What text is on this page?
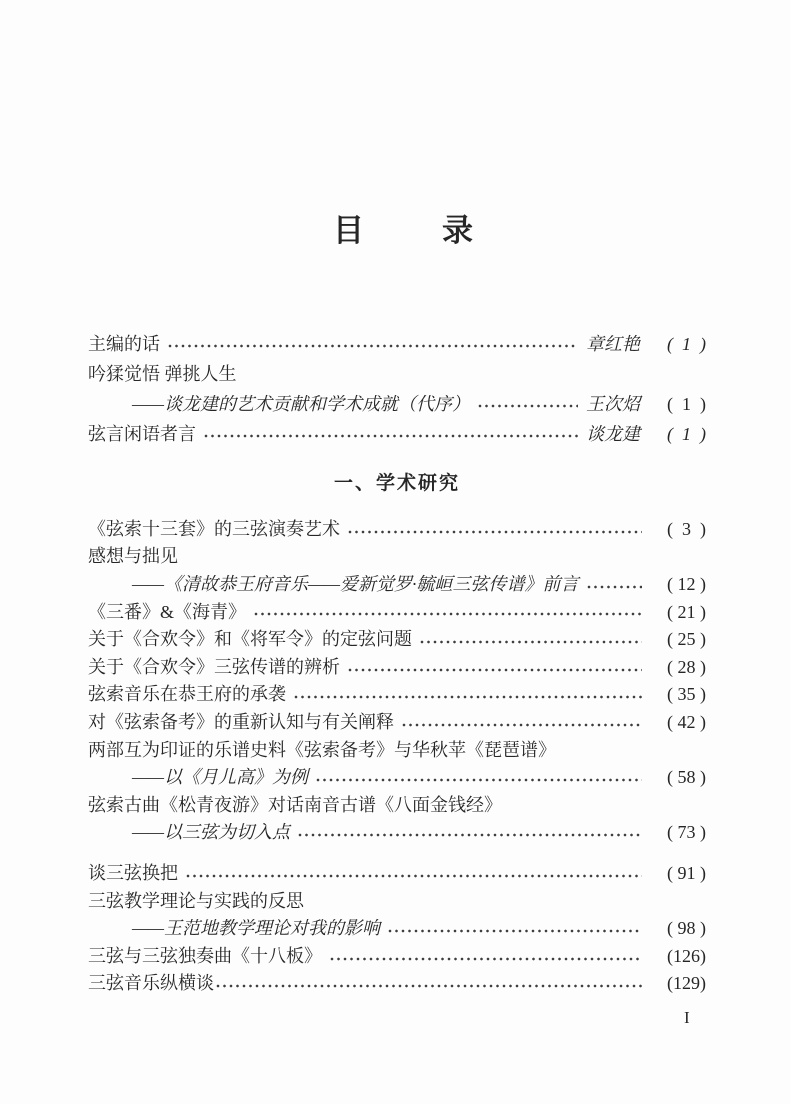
目	录
主编的话	章红艳	(  1  )
吟猱觉悟 弹挑人生
——谈龙建的艺术贡献和学术成就（代序）	王次炤	(  1  )
弦言闲语者言	谈龙建	(  1  )
一、学术研究
《弦索十三套》的三弦演奏艺术	(  3  )
感想与拙见
——《清故恭王府音乐——爱新觉罗·毓峘三弦传谱》前言	( 12 )
《三番》&《海青》	( 21 )
关于《合欢令》和《将军令》的定弦问题	( 25 )
关于《合欢令》三弦传谱的辨析	( 28 )
弦索音乐在恭王府的承袭	( 35 )
对《弦索备考》的重新认知与有关阐释	( 42 )
两部互为印证的乐谱史料《弦索备考》与华秋苹《琵琶谱》
——以《月儿高》为例	( 58 )
弦索古曲《松青夜游》对话南音古谱《八面金钱经》
——以三弦为切入点	( 73 )
谈三弦换把	( 91 )
三弦教学理论与实践的反思
——王范地教学理论对我的影响	( 98 )
三弦与三弦独奏曲《十八板》	(126)
三弦音乐纵横谈	(129)
I
